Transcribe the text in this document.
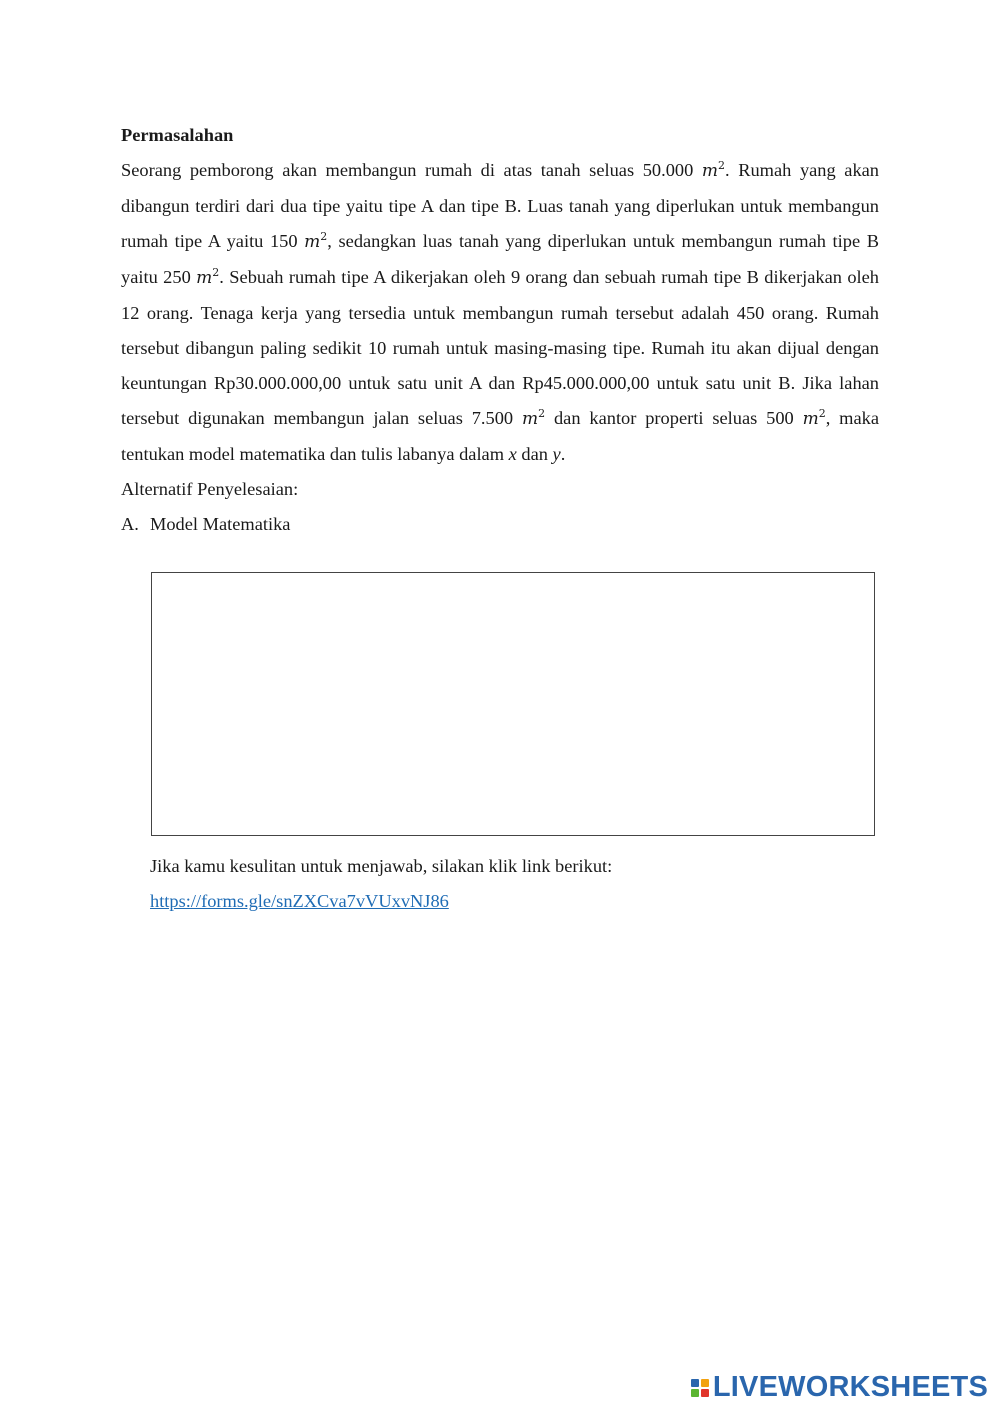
Permasalahan

Seorang pemborong akan membangun rumah di atas tanah seluas 50.000 $m^2$. Rumah yang akan dibangun terdiri dari dua tipe yaitu tipe A dan tipe B. Luas tanah yang diperlukan untuk membangun rumah tipe A yaitu 150 $m^2$, sedangkan luas tanah yang diperlukan untuk membangun rumah tipe B yaitu 250 $m^2$. Sebuah rumah tipe A dikerjakan oleh 9 orang dan sebuah rumah tipe B dikerjakan oleh 12 orang. Tenaga kerja yang tersedia untuk membangun rumah tersebut adalah 450 orang. Rumah tersebut dibangun paling sedikit 10 rumah untuk masing-masing tipe. Rumah itu akan dijual dengan keuntungan Rp30.000.000,00 untuk satu unit A dan Rp45.000.000,00 untuk satu unit B. Jika lahan tersebut digunakan membangun jalan seluas 7.500 $m^2$ dan kantor properti seluas 500 $m^2$, maka tentukan model matematika dan tulis labanya dalam x dan y.

Alternatif Penyelesaian:

A. Model Matematika
Jika kamu kesulitan untuk menjawab, silakan klik link berikut:
https://forms.gle/snZXCva7vVUxvNJ86
LIVEWORKSHEETS
